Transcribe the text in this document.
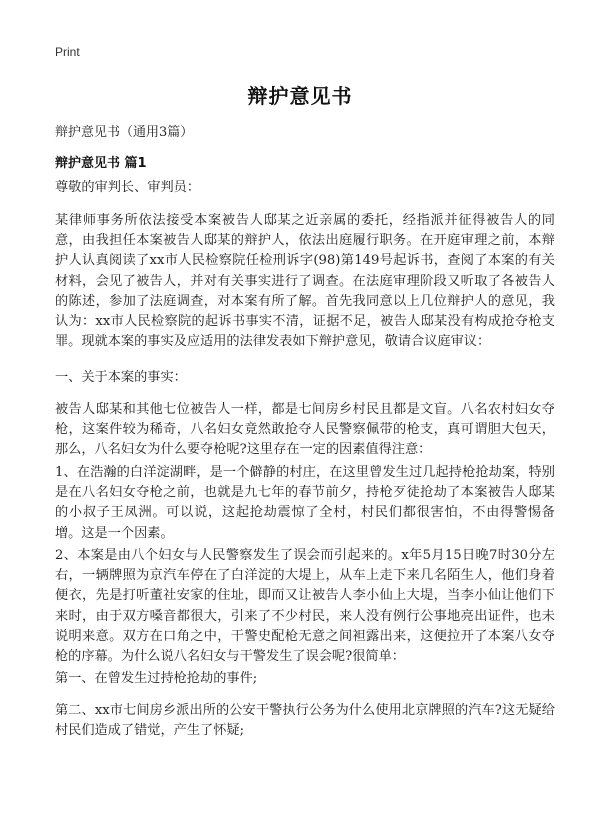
Print
辩护意见书
辩护意见书（通用3篇）
辩护意见书 篇1

尊敬的审判长、审判员：

某律师事务所依法接受本案被告人邸某之近亲属的委托，经指派并征得被告人的同意，由我担任本案被告人邸某的辩护人，依法出庭履行职务。在开庭审理之前，本辩护人认真阅读了xx市人民检察院任检刑诉字(98)第149号起诉书，查阅了本案的有关材料，会见了被告人，并对有关事实进行了调查。在法庭审理阶段又听取了各被告人的陈述，参加了法庭调查，对本案有所了解。首先我同意以上几位辩护人的意见，我认为：xx市人民检察院的起诉书事实不清，证据不足，被告人邸某没有构成抢夺枪支罪。现就本案的事实及应适用的法律发表如下辩护意见，敬请合议庭审议：

一、关于本案的事实：

被告人邸某和其他七位被告人一样，都是七间房乡村民且都是文盲。八名农村妇女夺枪，这案件较为稀奇，八名妇女竟然敢抢夺人民警察佩带的枪支，真可谓胆大包天，那么，八名妇女为什么要夺枪呢?这里存在一定的因素值得注意：

1、在浩瀚的白洋淀湖畔，是一个僻静的村庄，在这里曾发生过几起持枪抢劫案，特别是在八名妇女夺枪之前，也就是九七年的春节前夕，持枪歹徒抢劫了本案被告人邸某的小叔子王凤洲。可以说，这起抢劫震惊了全村，村民们都很害怕，不由得警惕备增。这是一个因素。

2、本案是由八个妇女与人民警察发生了误会而引起来的。x年5月15日晚7时30分左右，一辆牌照为京汽车停在了白洋淀的大堤上，从车上走下来几名陌生人，他们身着便衣，先是打听董社安家的住址，即而又让被告人李小仙上大堤，当李小仙让他们下来时，由于双方嗓音都很大，引来了不少村民，来人没有例行公事地亮出证件，也未说明来意。双方在口角之中，干警史配枪无意之间袒露出来，这便拉开了本案八女夺枪的序幕。为什么说八名妇女与干警发生了误会呢?很简单：

第一、在曾发生过持枪抢劫的事件;

第二、xx市七间房乡派出所的公安干警执行公务为什么使用北京牌照的汽车?这无疑给村民们造成了错觉，产生了怀疑;
